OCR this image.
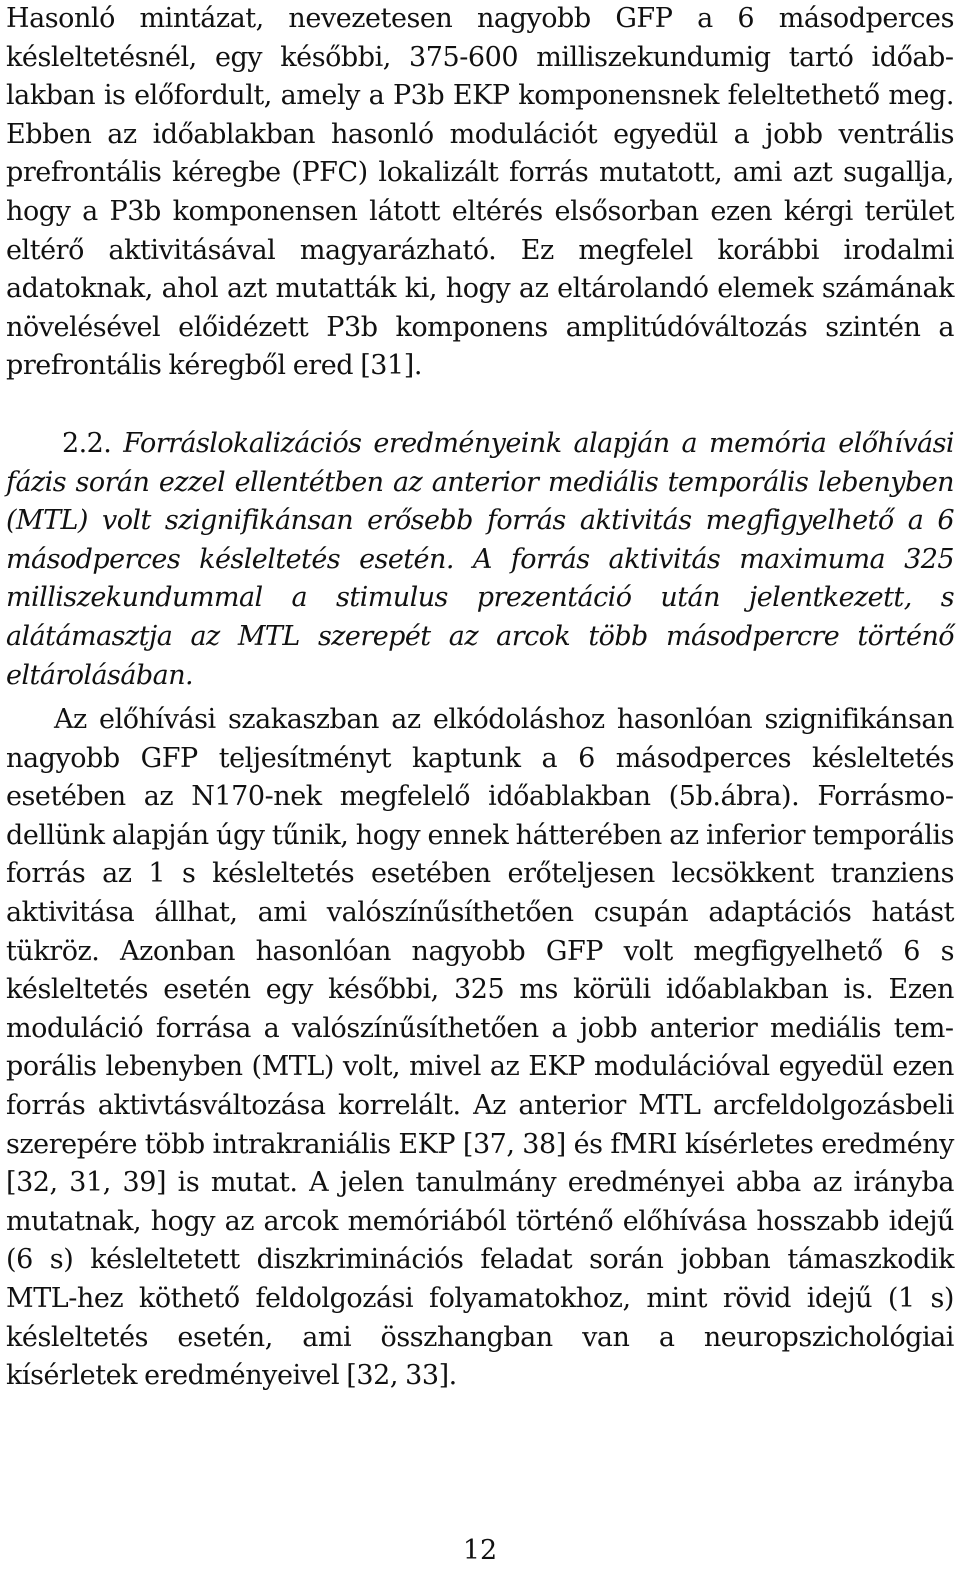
Hasonló mintázat, nevezetesen nagyobb GFP a 6 másodperces késleltetésnél, egy későbbi, 375-600 milliszekundumig tartó időablakban is előfordult, amely a P3b EKP komponensnek feleltethető meg. Ebben az időablakban hasonló modulációt egyedül a jobb ventrális prefrontális kéregbe (PFC) lokalizált forrás mutatott, ami azt sugallja, hogy a P3b komponensen látott eltérés elsősorban ezen kérgi terület eltérő aktivitásával magyarázható. Ez megfelel korábbi irodalmi adatoknak, ahol azt mutatták ki, hogy az eltárolandó elemek számának növelésével előidézett P3b komponens amplitúdóváltozás szintén a prefrontális kéregből ered [31].

2.2. Forráslokalizációs eredményeink alapján a memória előhívási fázis során ezzel ellentétben az anterior mediális temporális lebenyben (MTL) volt szignifikánsan erősebb forrás aktivitás megfigyelhető a 6 másodperces késleltetés esetén. A forrás aktivitás maximuma 325 milliszekundummal a stimulus prezentáció után jelentkezett, s alátámasztja az MTL szerepét az arcok több másodpercre történő eltárolásában.

Az előhívási szakaszban az elkódoláshoz hasonlóan szignifikánsan nagyobb GFP teljesítményt kaptunk a 6 másodperces késleltetés esetében az N170-nek megfelelő időablakban (5b.ábra). Forrásmodellünk alapján úgy tűnik, hogy ennek hátterében az inferior temporális forrás az 1 s késleltetés esetében erőteljesen lecsökkent tranziens aktivitása állhat, ami valószínűsíthetően csupán adaptációs hatást tükröz. Azonban hasonlóan nagyobb GFP volt megfigyelhető 6 s késleltetés esetén egy későbbi, 325 ms körüli időablakban is. Ezen moduláció forrása a valószínűsíthetően a jobb anterior mediális temporális lebenyben (MTL) volt, mivel az EKP modulációval egyedül ezen forrás aktivtásváltozása korrelált. Az anterior MTL arcfeldolgozásbeli szerepére több intrakraniális EKP [37, 38] és fMRI kísérletes eredmény [32, 31, 39] is mutat. A jelen tanulmány eredményei abba az irányba mutatnak, hogy az arcok memóriából történő előhívása hosszabb idejű (6 s) késleltetett diszkriminációs feladat során jobban támaszkodik MTL-hez köthető feldolgozási folyamatokhoz, mint rövid idejű (1 s) késleltetés esetén, ami összhangban van a neuropszichológiai kísérletek eredményeivel [32, 33].

12
